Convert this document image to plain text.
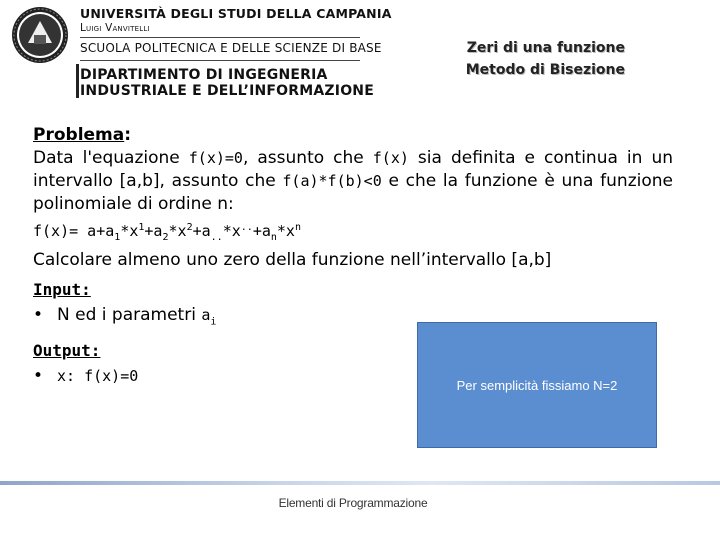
UNIVERSITÀ DEGLI STUDI DELLA CAMPANIA
Luigi Vanvitelli
SCUOLA POLITECNICA E DELLE SCIENZE DI BASE
DIPARTIMENTO DI INGEGNERIA
INDUSTRIALE E DELL’INFORMAZIONE
Zeri di una funzione
Metodo di Bisezione

Problema:

Data l'equazione f(x)=0, assunto che f(x) sia definita e continua in un intervallo [a,b], assunto che f(a)*f(b)<0 e che la funzione è una funzione polinomiale di ordine n:

$f(x)= a+a_1*x^1+a_2*x^2+a_{..}*x^{..}+a_n*x^n$

Calcolare almeno uno zero della funzione nell’intervallo [a,b]

Input:

• N ed i parametri $a_i$

Output:

• x: f(x)=0	Per semplicità fissiamo N=2
Elementi di Programmazione
